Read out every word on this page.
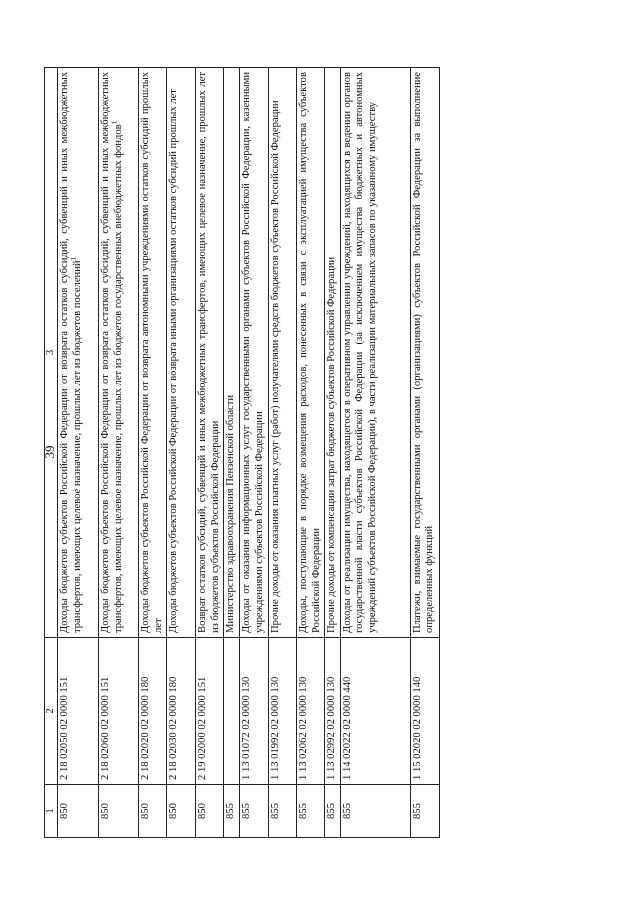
39
1	2	3
850	2 18 02050 02 0000 151	Доходы бюджетов субъектов Российской Федерации от возврата остатков субсидий, субвенций и иных межбюджетных трансфертов, имеющих целевое назначение, прошлых лет из бюджетов поселений$^1$
850	2 18 02060 02 0000 151	Доходы бюджетов субъектов Российской Федерации от возврата остатков субсидий, субвенций и иных межбюджетных трансфертов, имеющих целевое назначение, прошлых лет из бюджетов государственных внебюджетных фондов$^1$
850	2 18 02020 02 0000 180	Доходы бюджетов субъектов Российской Федерации от возврата автономными учреждениями остатков субсидий прошлых лет
850	2 18 02030 02 0000 180	Доходы бюджетов субъектов Российской Федерации от возврата иными организациями остатков субсидий прошлых лет
850	2 19 02000 02 0000 151	Возврат остатков субсидий, субвенций и иных межбюджетных трансфертов, имеющих целевое назначение, прошлых лет из бюджетов субъектов Российской Федерации
855		Министерство здравоохранения Пензенской области
855	1 13 01072 02 0000 130	Доходы от оказания информационных услуг государственными органами субъектов Российской Федерации, казенными учреждениями субъектов Российской Федерации
855	1 13 01992 02 0000 130	Прочие доходы от оказания платных услуг (работ) получателями средств бюджетов субъектов Российской Федерации
855	1 13 02062 02 0000 130	Доходы, поступающие в порядке возмещения расходов, понесенных в связи с эксплуатацией имущества субъектов Российской Федерации
855	1 13 02992 02 0000 130	Прочие доходы от компенсации затрат бюджетов субъектов Российской Федерации
855	1 14 02022 02 0000 440	Доходы от реализации имущества, находящегося в оперативном управлении учреждений, находящихся в ведении органов государственной власти субъектов Российской Федерации (за исключением имущества бюджетных и автономных учреждений субъектов Российской Федерации), в части реализации материальных запасов по указанному имуществу
855	1 15 02020 02 0000 140	Платежи, взимаемые государственными органами (организациями) субъектов Российской Федерации за выполнение определенных функций
